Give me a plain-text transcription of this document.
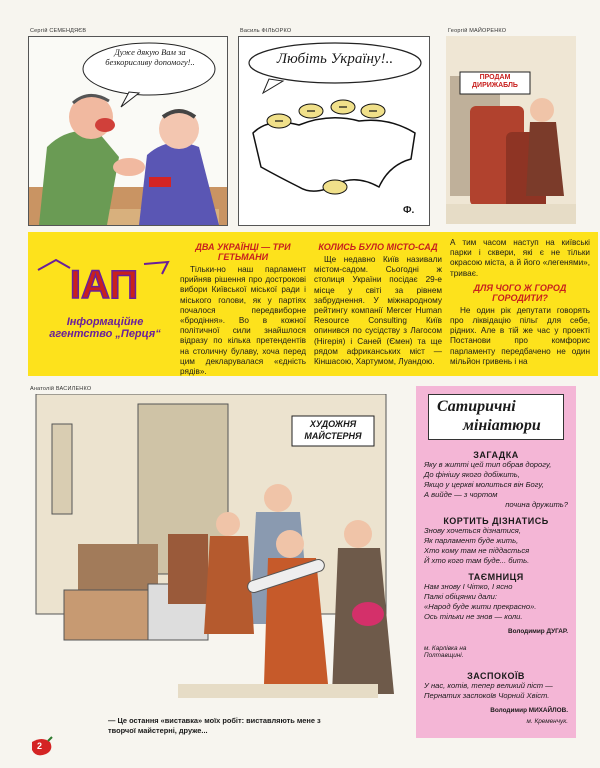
Сергій СЕМЕНДЯЄВ
Дуже дякую Вам за безкорисливу допомогу!..
Василь ФІЛЬОРКО
Любіть Україну!..
Ф.
Георгій МАЙОРЕНКО
ПРОДАМ ДИРИЖАБЛЬ
ІАП
Інформаційне агентство „Перця“
ДВА УКРАЇНЦІ — ТРИ ГЕТЬМАНИ

Тільки-но наш парламент прийняв рішення про дострокові вибори Київської міської ради і міського голови, як у партіях почалося передвиборне «бродіння». Во в кожної політичної сили знайшлося відразу по кілька претендентів на столичну булаву, хоча перед цим декларувалася «єдність рядів».

КОЛИСЬ БУЛО МІСТО-САД

Ще недавно Київ називали містом-садом. Сьогодні ж столиця України посідає 29-е місце у світі за рівнем забруднення. У міжнародному рейтингу компанії Mercer Human Resource Consulting Київ опинився по сусідству з Лагосом (Нігерія) і Саней (Ємен) та ще рядом африканських міст — Кіншасою, Хартумом, Луандою.

А тим часом наступ на київські парки і сквери, які є не тільки окрасою міста, а й його «легенями», триває.

ДЛЯ ЧОГО Ж ГОРОД ГОРОДИТИ?

Не один рік депутати говорять про ліквідацію пільг для себе, рідних. Але в тій же час у проекті Постанови про комфорис парламенту передбачено не один мільйон гривень і на

Анатолій ВАСИЛЕНКО
ХУДОЖНЯ МАЙСТЕРНЯ
— Це остання «виставка» моїх робіт: виставляють мене з творчої майстерні, друже...
Сатиричні
мініатюри
ЗАГАДКА
Яку в житті цей тип обрав дорогу,
До фінішу якого добіжить,
Якщо у церкві молиться він Богу,
А вийде — з чортом
почина дружить?
КОРТИТЬ ДІЗНАТИСЬ
Знову хочеться дізнатися,
Як парламент буде жить,
Хто кому там не піддасться
Й хто кого там буде... бить.
ТАЄМНИЦЯ
Нам знову І Чітко, І ясно
Палкі обіцянки дали:
«Народ буде жити прекрасно».
Ось тільки не знов — коли.
Володимир ДУГАР.
м. Карлівка на Полтавщині.
ЗАСПОКОЇВ
У нас, котів, тепер великий піст —
Пернатих заспокоїв Чорний Хвіст.
Володимир МИХАЙЛОВ.
м. Кременчук.
2
